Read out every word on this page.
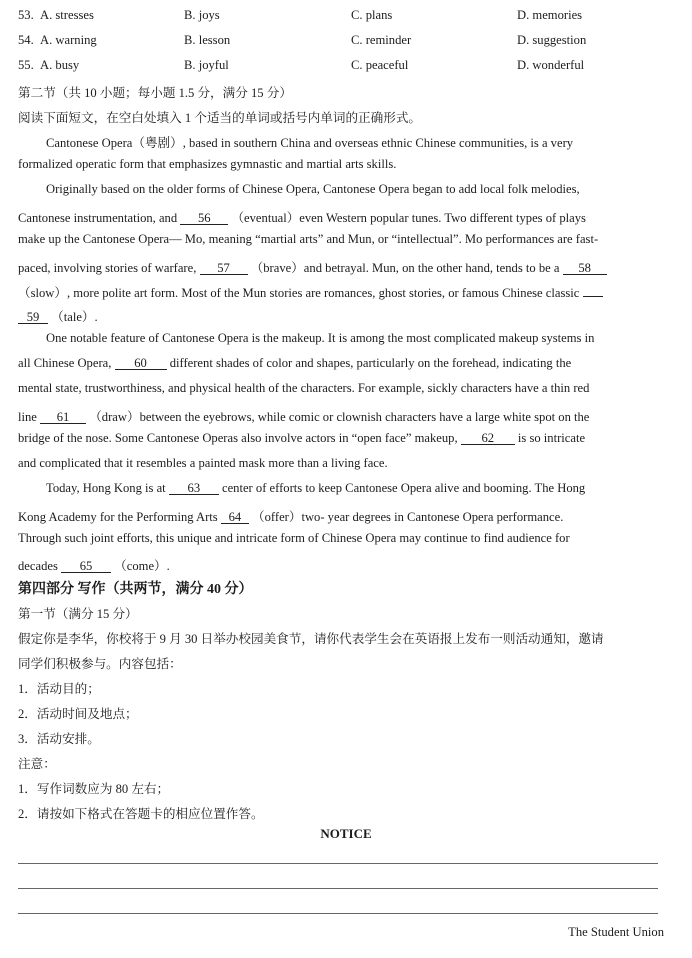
53. A. stresses	B. joys	C. plans	D. memories
54. A. warning	B. lesson	C. reminder	D. suggestion
55. A. busy	B. joyful	C. peaceful	D. wonderful
第二节（共 10 小题；每小题 1.5 分，满分 15 分）
阅读下面短文，在空白处填入 1 个适当的单词或括号内单词的正确形式。
Cantonese Opera（粤剧）, based in southern China and overseas ethnic Chinese communities, is a very
formalized operatic form that emphasizes gymnastic and martial arts skills.
Originally based on the older forms of Chinese Opera, Cantonese Opera began to add local folk melodies,
Cantonese instrumentation, and 56 （eventual）even Western popular tunes. Two different types of plays
make up the Cantonese Opera— Mo, meaning “martial arts” and Mun, or “intellectual”. Mo performances are fast-
paced, involving stories of warfare, 57 （brave）and betrayal. Mun, on the other hand, tends to be a 58
（slow）, more polite art form. Most of the Mun stories are romances, ghost stories, or famous Chinese classic
59 （tale）.
One notable feature of Cantonese Opera is the makeup. It is among the most complicated makeup systems in
all Chinese Opera, 60 different shades of color and shapes, particularly on the forehead, indicating the
mental state, trustworthiness, and physical health of the characters. For example, sickly characters have a thin red
line 61 （draw）between the eyebrows, while comic or clownish characters have a large white spot on the
bridge of the nose. Some Cantonese Operas also involve actors in “open face” makeup, 62 is so intricate
and complicated that it resembles a painted mask more than a living face.
Today, Hong Kong is at 63 center of efforts to keep Cantonese Opera alive and booming. The Hong
Kong Academy for the Performing Arts 64 （offer）two- year degrees in Cantonese Opera performance.
Through such joint efforts, this unique and intricate form of Chinese Opera may continue to find audience for
decades 65 （come）.
第四部分 写作（共两节，满分 40 分）
第一节（满分 15 分）
假定你是李华，你校将于 9 月 30 日举办校园美食节，请你代表学生会在英语报上发布一则活动通知，邀请
同学们积极参与。内容包括：
1．活动目的；
2．活动时间及地点；
3．活动安排。
注意：
1．写作词数应为 80 左右；
2．请按如下格式在答题卡的相应位置作答。
NOTICE
The Student Union
